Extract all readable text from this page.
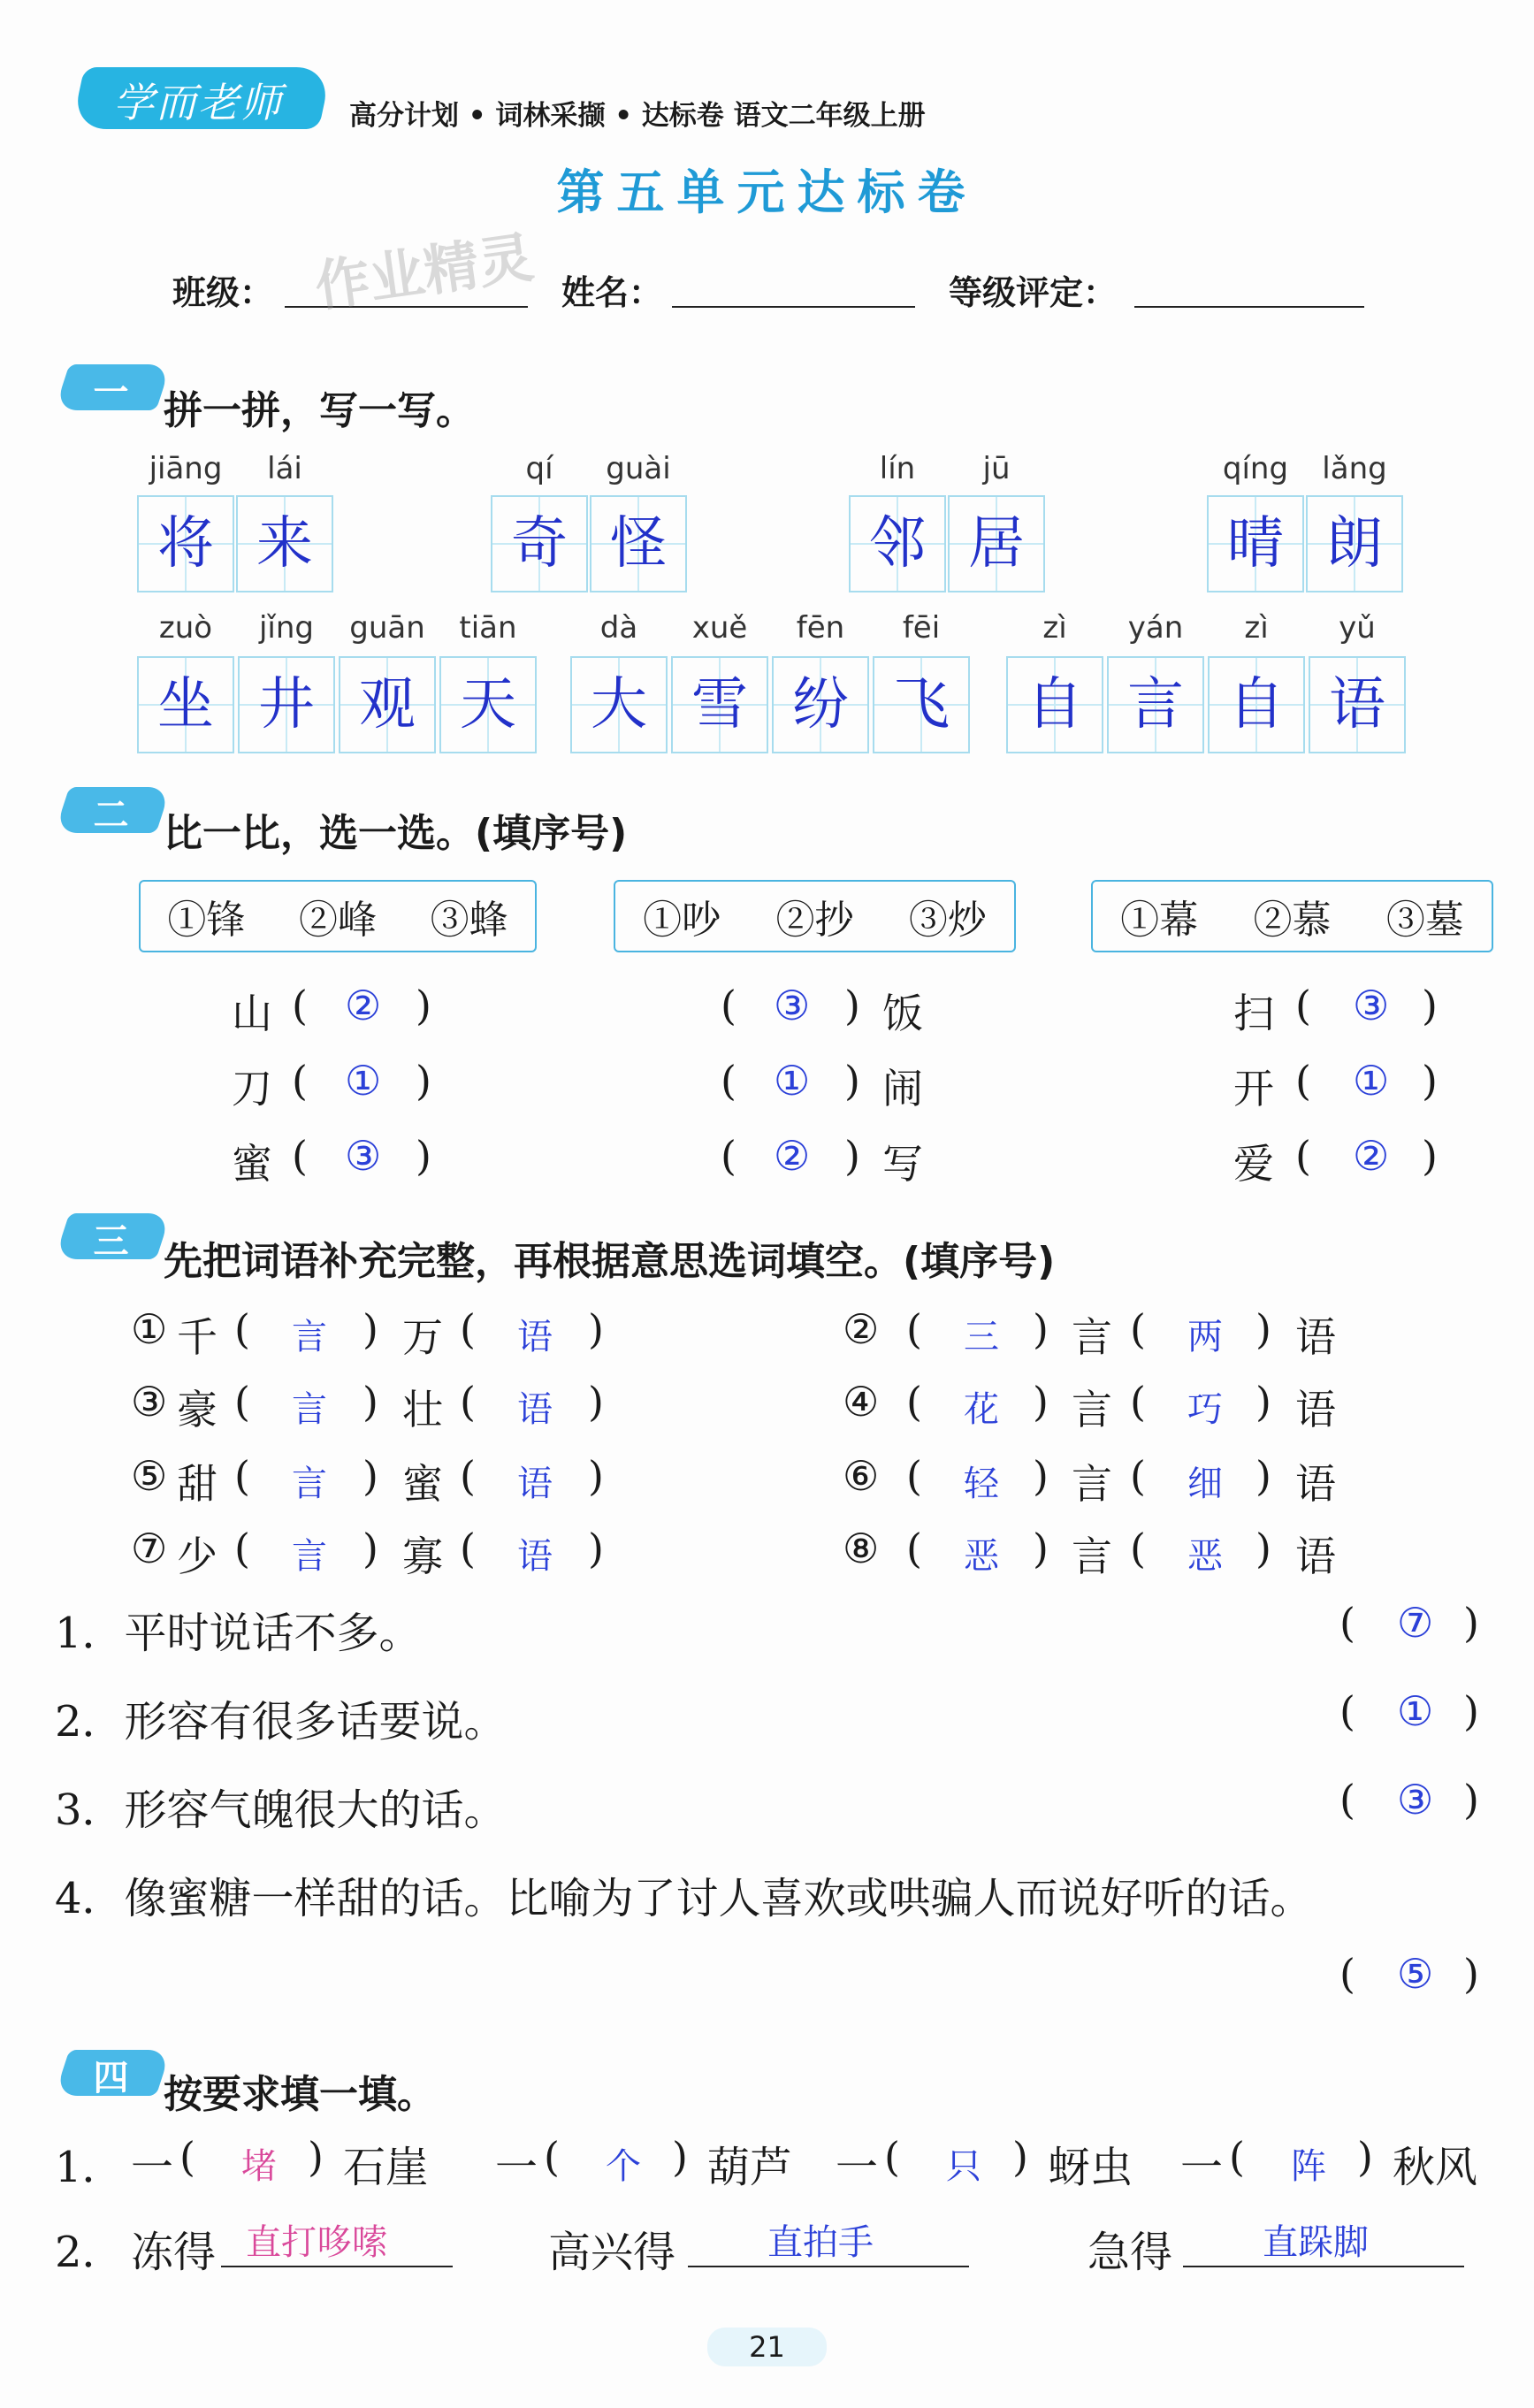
学而老师 高分计划 • 词林采撷 • 达标卷 语文二年级上册
第五单元达标卷
班级：	姓名：	等级评定：
作业精灵
一 拼一拼，写一写。
jiāng
将
lái
来
qí
奇
guài
怪
lín
邻
jū
居
qíng
晴
lǎng
朗
zuò
坐
jǐng
井
guān
观
tiān
天
dà
大
xuě
雪
fēn
纷
fēi
飞
zì
自
yán
言
zì
自
yǔ
语
二 比一比，选一选。(填序号)
①锋 ②峰 ③蜂	①吵 ②抄 ③炒	①幕 ②慕 ③墓
山 ( ② )
刀 ( ① )
蜜 ( ③ )
( ③ ) 饭
( ① ) 闹
( ② ) 写
扫 ( ③ )
开 ( ① )
爱 ( ② )
三 先把词语补充完整，再根据意思选词填空。(填序号)
① 千 ( 言 ) 万 ( 语 )
③ 豪 ( 言 ) 壮 ( 语 )
⑤ 甜 ( 言 ) 蜜 ( 语 )
⑦ 少 ( 言 ) 寡 ( 语 )
② ( 三 ) 言 ( 两 ) 语
④ ( 花 ) 言 ( 巧 ) 语
⑥ ( 轻 ) 言 ( 细 ) 语
⑧ ( 恶 ) 言 ( 恶 ) 语
1．平时说话不多。	( ⑦ )
2．形容有很多话要说。	( ① )
3．形容气魄很大的话。	( ③ )
4．像蜜糖一样甜的话。比喻为了讨人喜欢或哄骗人而说好听的话。
( ⑤ )
四 按要求填一填。
1． 一 ( 堵 ) 石崖 一 ( 个 ) 葫芦 一 ( 只 ) 蚜虫 一 ( 阵 ) 秋风
2． 冻得 直打哆嗦	高兴得	直拍手	急得	直跺脚
21
